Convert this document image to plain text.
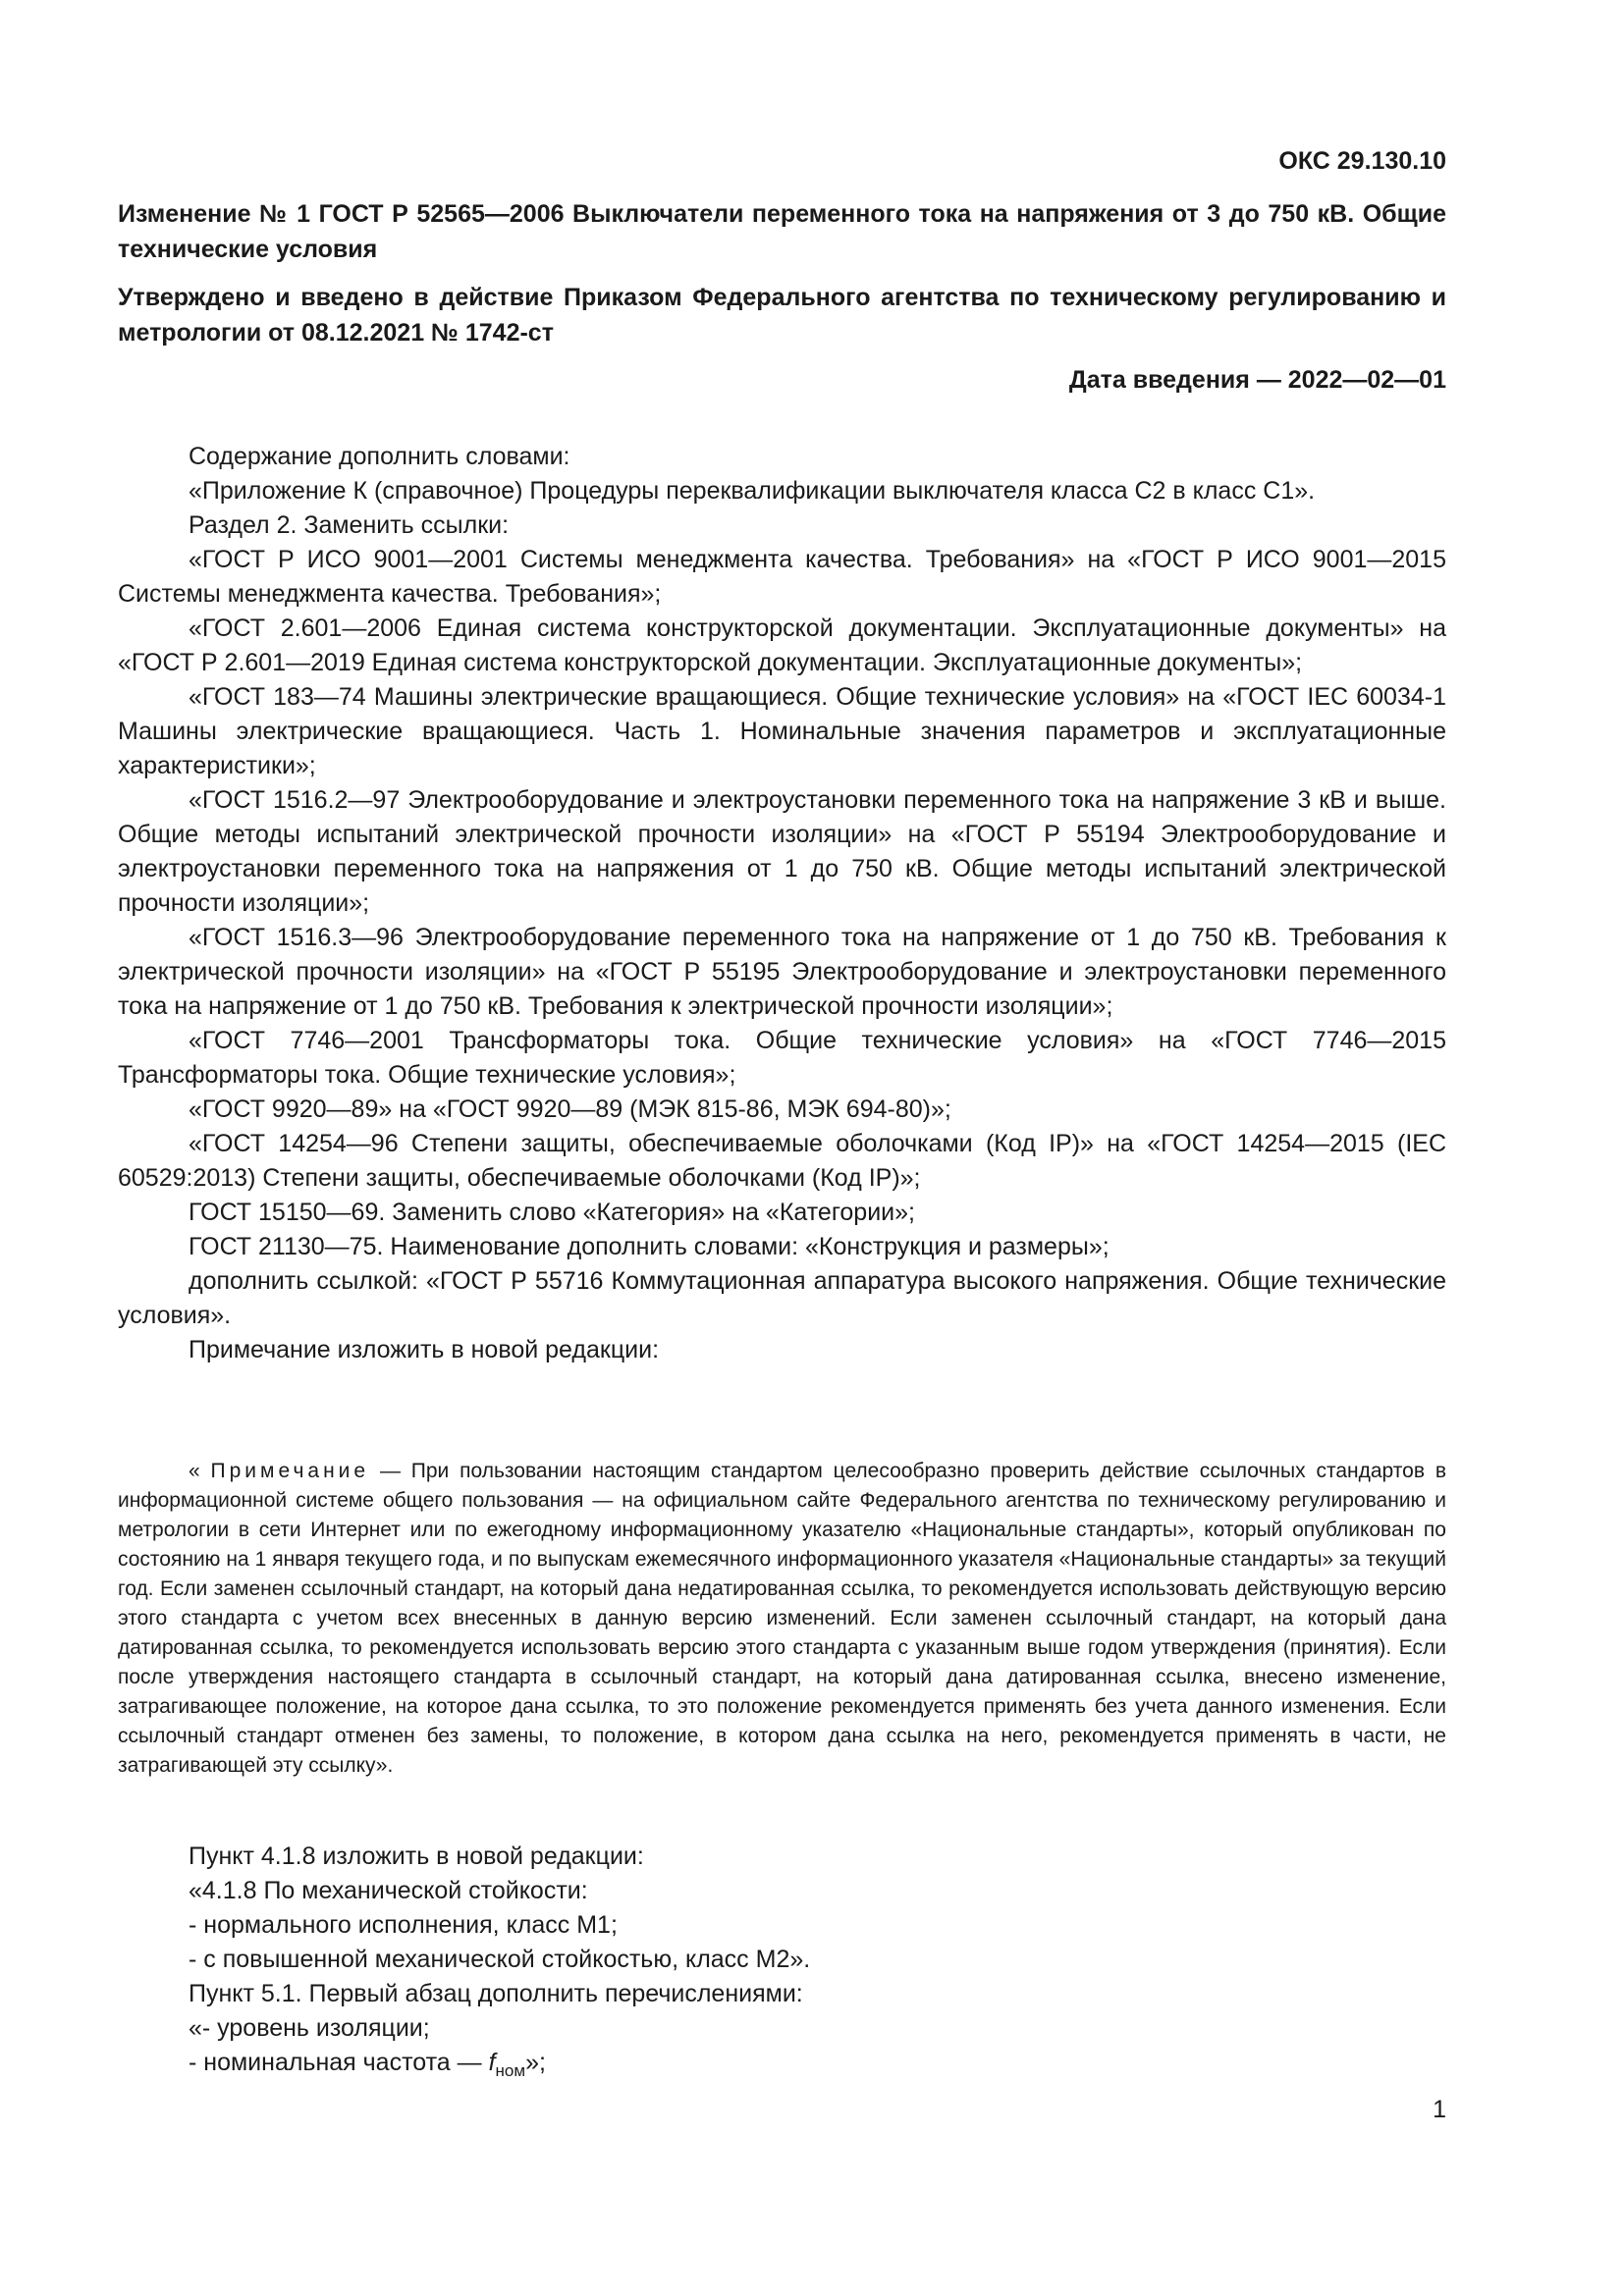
ОКС 29.130.10
Изменение № 1 ГОСТ Р 52565—2006 Выключатели переменного тока на напряжения от 3 до 750 кВ. Общие технические условия
Утверждено и введено в действие Приказом Федерального агентства по техническому регулированию и метрологии от 08.12.2021 № 1742-ст
Дата введения — 2022—02—01

Содержание дополнить словами:

«Приложение К (справочное) Процедуры переквалификации выключателя класса С2 в класс С1».

Раздел 2. Заменить ссылки:

«ГОСТ Р ИСО 9001—2001 Системы менеджмента качества. Требования» на «ГОСТ Р ИСО 9001—2015 Системы менеджмента качества. Требования»;

«ГОСТ 2.601—2006 Единая система конструкторской документации. Эксплуатационные документы» на «ГОСТ Р 2.601—2019 Единая система конструкторской документации. Эксплуатационные документы»;

«ГОСТ 183—74 Машины электрические вращающиеся. Общие технические условия» на «ГОСТ IEC 60034-1 Машины электрические вращающиеся. Часть 1. Номинальные значения параметров и эксплуатационные характеристики»;

«ГОСТ 1516.2—97 Электрооборудование и электроустановки переменного тока на напряжение 3 кВ и выше. Общие методы испытаний электрической прочности изоляции» на «ГОСТ Р 55194 Электрооборудование и электроустановки переменного тока на напряжения от 1 до 750 кВ. Общие методы испытаний электрической прочности изоляции»;

«ГОСТ 1516.3—96 Электрооборудование переменного тока на напряжение от 1 до 750 кВ. Требования к электрической прочности изоляции» на «ГОСТ Р 55195 Электрооборудование и электроустановки переменного тока на напряжение от 1 до 750 кВ. Требования к электрической прочности изоляции»;

«ГОСТ 7746—2001 Трансформаторы тока. Общие технические условия» на «ГОСТ 7746—2015 Трансформаторы тока. Общие технические условия»;

«ГОСТ 9920—89» на «ГОСТ 9920—89 (МЭК 815-86, МЭК 694-80)»;

«ГОСТ 14254—96 Степени защиты, обеспечиваемые оболочками (Код IP)» на «ГОСТ 14254—2015 (IEC 60529:2013) Степени защиты, обеспечиваемые оболочками (Код IP)»;

ГОСТ 15150—69. Заменить слово «Категория» на «Категории»;

ГОСТ 21130—75. Наименование дополнить словами: «Конструкция и размеры»;

дополнить ссылкой: «ГОСТ Р 55716 Коммутационная аппаратура высокого напряжения. Общие технические условия».

Примечание изложить в новой редакции:

« Примечание — При пользовании настоящим стандартом целесообразно проверить действие ссылочных стандартов в информационной системе общего пользования — на официальном сайте Федерального агентства по техническому регулированию и метрологии в сети Интернет или по ежегодному информационному указателю «Национальные стандарты», который опубликован по состоянию на 1 января текущего года, и по выпускам ежемесячного информационного указателя «Национальные стандарты» за текущий год. Если заменен ссылочный стандарт, на который дана недатированная ссылка, то рекомендуется использовать действующую версию этого стандарта с учетом всех внесенных в данную версию изменений. Если заменен ссылочный стандарт, на который дана датированная ссылка, то рекомендуется использовать версию этого стандарта с указанным выше годом утверждения (принятия). Если после утверждения настоящего стандарта в ссылочный стандарт, на который дана датированная ссылка, внесено изменение, затрагивающее положение, на которое дана ссылка, то это положение рекомендуется применять без учета данного изменения. Если ссылочный стандарт отменен без замены, то положение, в котором дана ссылка на него, рекомендуется применять в части, не затрагивающей эту ссылку».

Пункт 4.1.8 изложить в новой редакции:

«4.1.8 По механической стойкости:

- нормального исполнения, класс М1;

- с повышенной механической стойкостью, класс М2».

Пункт 5.1. Первый абзац дополнить перечислениями:

«- уровень изоляции;

- номинальная частота — $f_{ном}$»;

1
